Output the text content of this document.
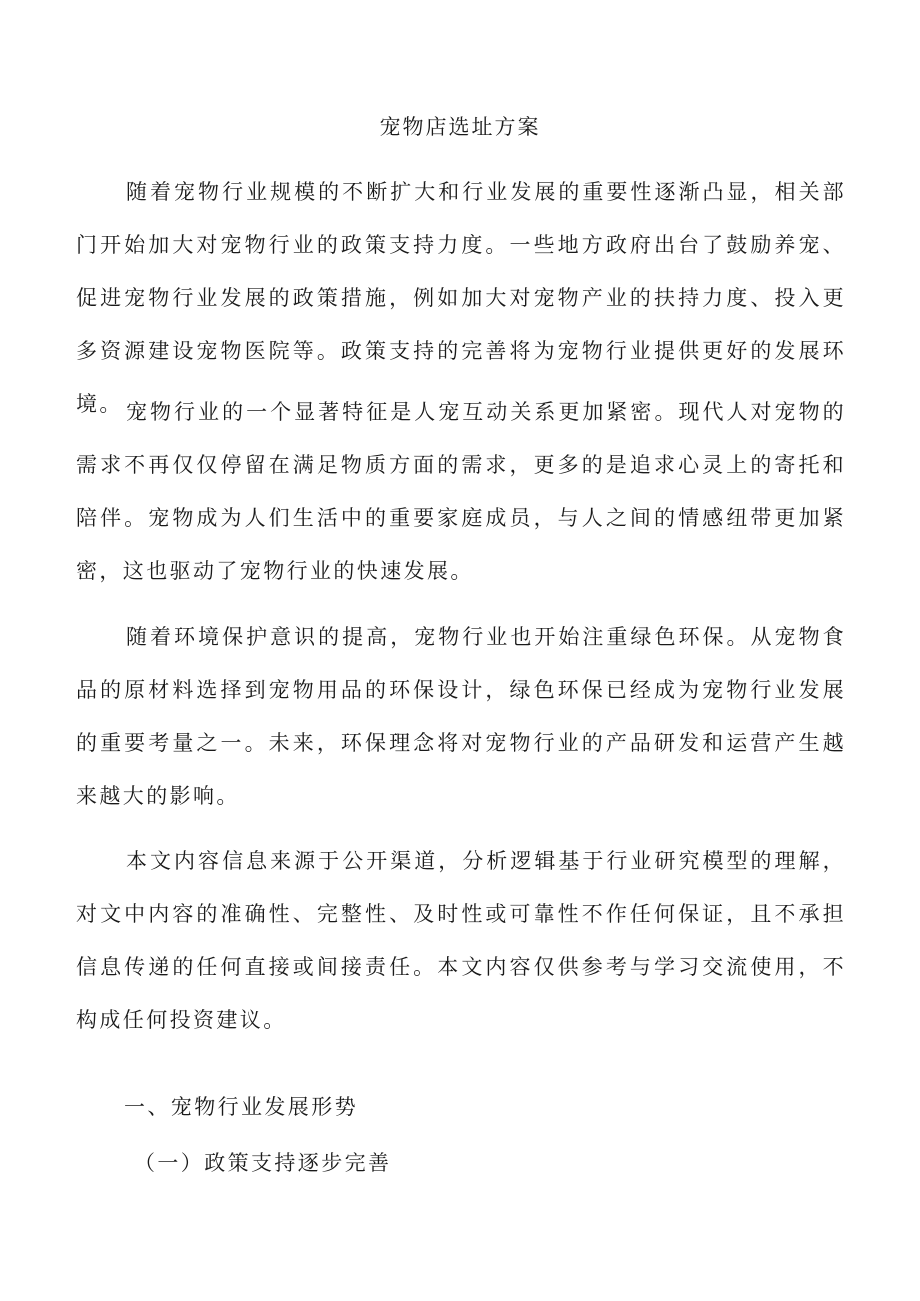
宠物店选址方案

随着宠物行业规模的不断扩大和行业发展的重要性逐渐凸显，相关部门开始加大对宠物行业的政策支持力度。一些地方政府出台了鼓励养宠、促进宠物行业发展的政策措施，例如加大对宠物产业的扶持力度、投入更多资源建设宠物医院等。政策支持的完善将为宠物行业提供更好的发展环境。 宠物行业的一个显著特征是人宠互动关系更加紧密。现代人对宠物的需求不再仅仅停留在满足物质方面的需求，更多的是追求心灵上的寄托和陪伴。宠物成为人们生活中的重要家庭成员，与人之间的情感纽带更加紧密，这也驱动了宠物行业的快速发展。

随着环境保护意识的提高，宠物行业也开始注重绿色环保。从宠物食品的原材料选择到宠物用品的环保设计，绿色环保已经成为宠物行业发展的重要考量之一。未来，环保理念将对宠物行业的产品研发和运营产生越来越大的影响。

本文内容信息来源于公开渠道，分析逻辑基于行业研究模型的理解，对文中内容的准确性、完整性、及时性或可靠性不作任何保证，且不承担信息传递的任何直接或间接责任。本文内容仅供参考与学习交流使用，不构成任何投资建议。

一、宠物行业发展形势
（一）政策支持逐步完善
